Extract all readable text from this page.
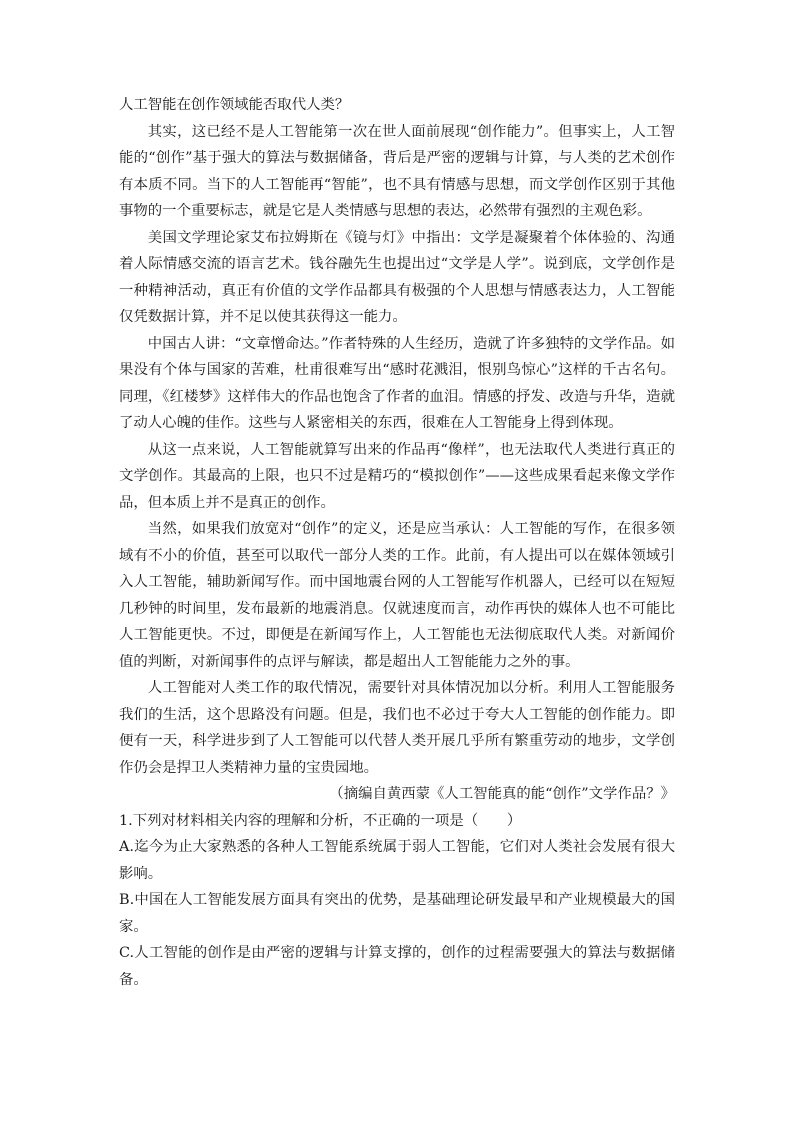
人工智能在创作领域能否取代人类？

其实，这已经不是人工智能第一次在世人面前展现“创作能力”。但事实上，人工智能的“创作”基于强大的算法与数据储备，背后是严密的逻辑与计算，与人类的艺术创作有本质不同。当下的人工智能再“智能”，也不具有情感与思想，而文学创作区别于其他事物的一个重要标志，就是它是人类情感与思想的表达，必然带有强烈的主观色彩。

美国文学理论家艾布拉姆斯在《镜与灯》中指出：文学是凝聚着个体体验的、沟通着人际情感交流的语言艺术。钱谷融先生也提出过“文学是人学”。说到底，文学创作是一种精神活动，真正有价值的文学作品都具有极强的个人思想与情感表达力，人工智能仅凭数据计算，并不足以使其获得这一能力。

中国古人讲：“文章憎命达。”作者特殊的人生经历，造就了许多独特的文学作品。如果没有个体与国家的苦难，杜甫很难写出“感时花溅泪，恨别鸟惊心”这样的千古名句。同理，《红楼梦》这样伟大的作品也饱含了作者的血泪。情感的抒发、改造与升华，造就了动人心魄的佳作。这些与人紧密相关的东西，很难在人工智能身上得到体现。

从这一点来说，人工智能就算写出来的作品再“像样”，也无法取代人类进行真正的文学创作。其最高的上限，也只不过是精巧的“模拟创作”——这些成果看起来像文学作品，但本质上并不是真正的创作。

当然，如果我们放宽对“创作”的定义，还是应当承认：人工智能的写作，在很多领域有不小的价值，甚至可以取代一部分人类的工作。此前，有人提出可以在媒体领域引入人工智能，辅助新闻写作。而中国地震台网的人工智能写作机器人，已经可以在短短几秒钟的时间里，发布最新的地震消息。仅就速度而言，动作再快的媒体人也不可能比人工智能更快。不过，即便是在新闻写作上，人工智能也无法彻底取代人类。对新闻价值的判断，对新闻事件的点评与解读，都是超出人工智能能力之外的事。

人工智能对人类工作的取代情况，需要针对具体情况加以分析。利用人工智能服务我们的生活，这个思路没有问题。但是，我们也不必过于夸大人工智能的创作能力。即便有一天，科学进步到了人工智能可以代替人类开展几乎所有繁重劳动的地步，文学创作仍会是捍卫人类精神力量的宝贵园地。

（摘编自黄西蒙《人工智能真的能“创作”文学作品？》

1.下列对材料相关内容的理解和分析，不正确的一项是（　　）

A.迄今为止大家熟悉的各种人工智能系统属于弱人工智能，它们对人类社会发展有很大影响。

B.中国在人工智能发展方面具有突出的优势，是基础理论研发最早和产业规模最大的国家。

C.人工智能的创作是由严密的逻辑与计算支撑的，创作的过程需要强大的算法与数据储备。
